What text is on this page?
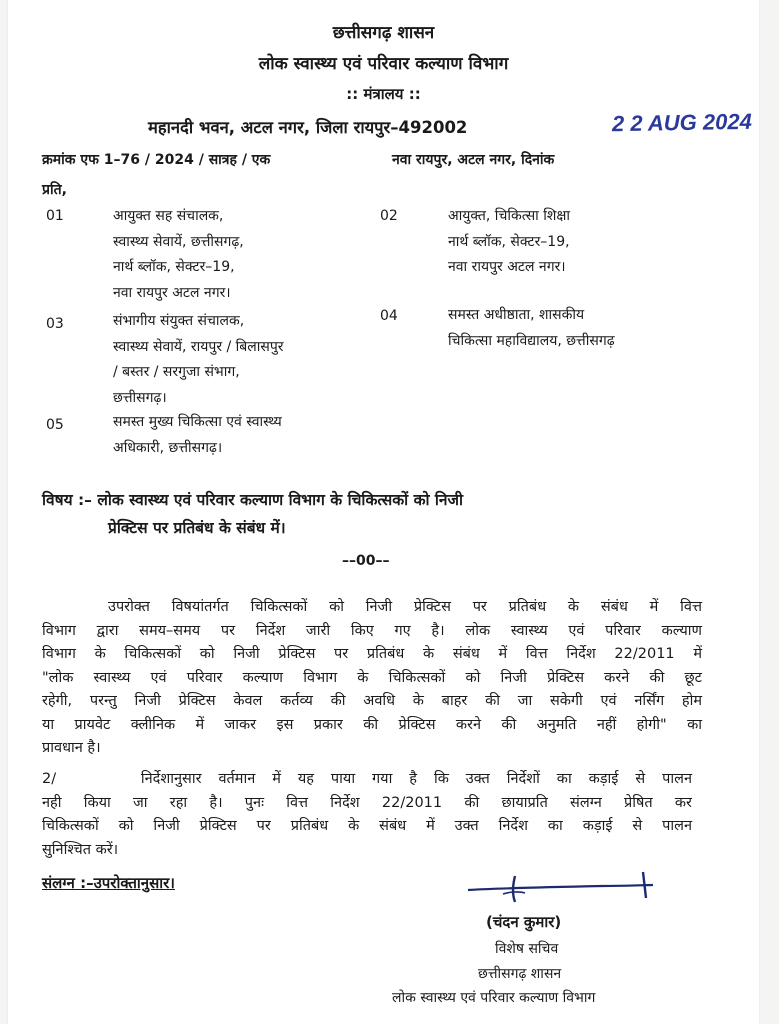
छत्तीसगढ़ शासन
लोक स्वास्थ्य एवं परिवार कल्याण विभाग
:: मंत्रालय ::
महानदी भवन, अटल नगर, जिला रायपुर–492002	2 2 AUG 2024
क्रमांक एफ 1–76 / 2024 / सात्रह / एक	नवा रायपुर, अटल नगर, दिनांक
प्रति,
01	आयुक्त सह संचालक,
स्वास्थ्य सेवायें, छत्तीसगढ़,
नार्थ ब्लॉक, सेक्टर–19,
नवा रायपुर अटल नगर।
02	आयुक्त, चिकित्सा शिक्षा
नार्थ ब्लॉक, सेक्टर–19,
नवा रायपुर अटल नगर।
03	संभागीय संयुक्त संचालक,
स्वास्थ्य सेवायें, रायपुर / बिलासपुर
/ बस्तर / सरगुजा संभाग,
छत्तीसगढ़।
04	समस्त अधीष्ठाता, शासकीय
चिकित्सा महाविद्यालय, छत्तीसगढ़
05	समस्त मुख्य चिकित्सा एवं स्वास्थ्य
अधिकारी, छत्तीसगढ़।
विषय :– लोक स्वास्थ्य एवं परिवार कल्याण विभाग के चिकित्सकों को निजी
प्रेक्टिस पर प्रतिबंध के संबंध में।
––00––
उपरोक्त विषयांतर्गत चिकित्सकों को निजी प्रेक्टिस पर प्रतिबंध के संबंध में वित्त
विभाग द्वारा समय–समय पर निर्देश जारी किए गए है। लोक स्वास्थ्य एवं परिवार कल्याण
विभाग के चिकित्सकों को निजी प्रेक्टिस पर प्रतिबंध के संबंध में वित्त निर्देश 22/2011 में
"लोक स्वास्थ्य एवं परिवार कल्याण विभाग के चिकित्सकों को निजी प्रेक्टिस करने की छूट
रहेगी, परन्तु निजी प्रेक्टिस केवल कर्तव्य की अवधि के बाहर की जा सकेगी एवं नर्सिंग होम
या प्रायवेट क्लीनिक में जाकर इस प्रकार की प्रेक्टिस करने की अनुमति नहीं होगी" का
प्रावधान है।
2/     निर्देशानुसार वर्तमान में यह पाया गया है कि उक्त निर्देशों का कड़ाई से पालन
नही किया जा रहा है। पुनः वित्त निर्देश 22/2011 की छायाप्रति संलग्न प्रेषित कर
चिकित्सकों को निजी प्रेक्टिस पर प्रतिबंध के संबंध में उक्त निर्देश का कड़ाई से पालन
सुनिश्चित करें।
संलग्न :–उपरोक्तानुसार।
(चंदन कुमार)
विशेष सचिव
छत्तीसगढ़ शासन
लोक स्वास्थ्य एवं परिवार कल्याण विभाग
